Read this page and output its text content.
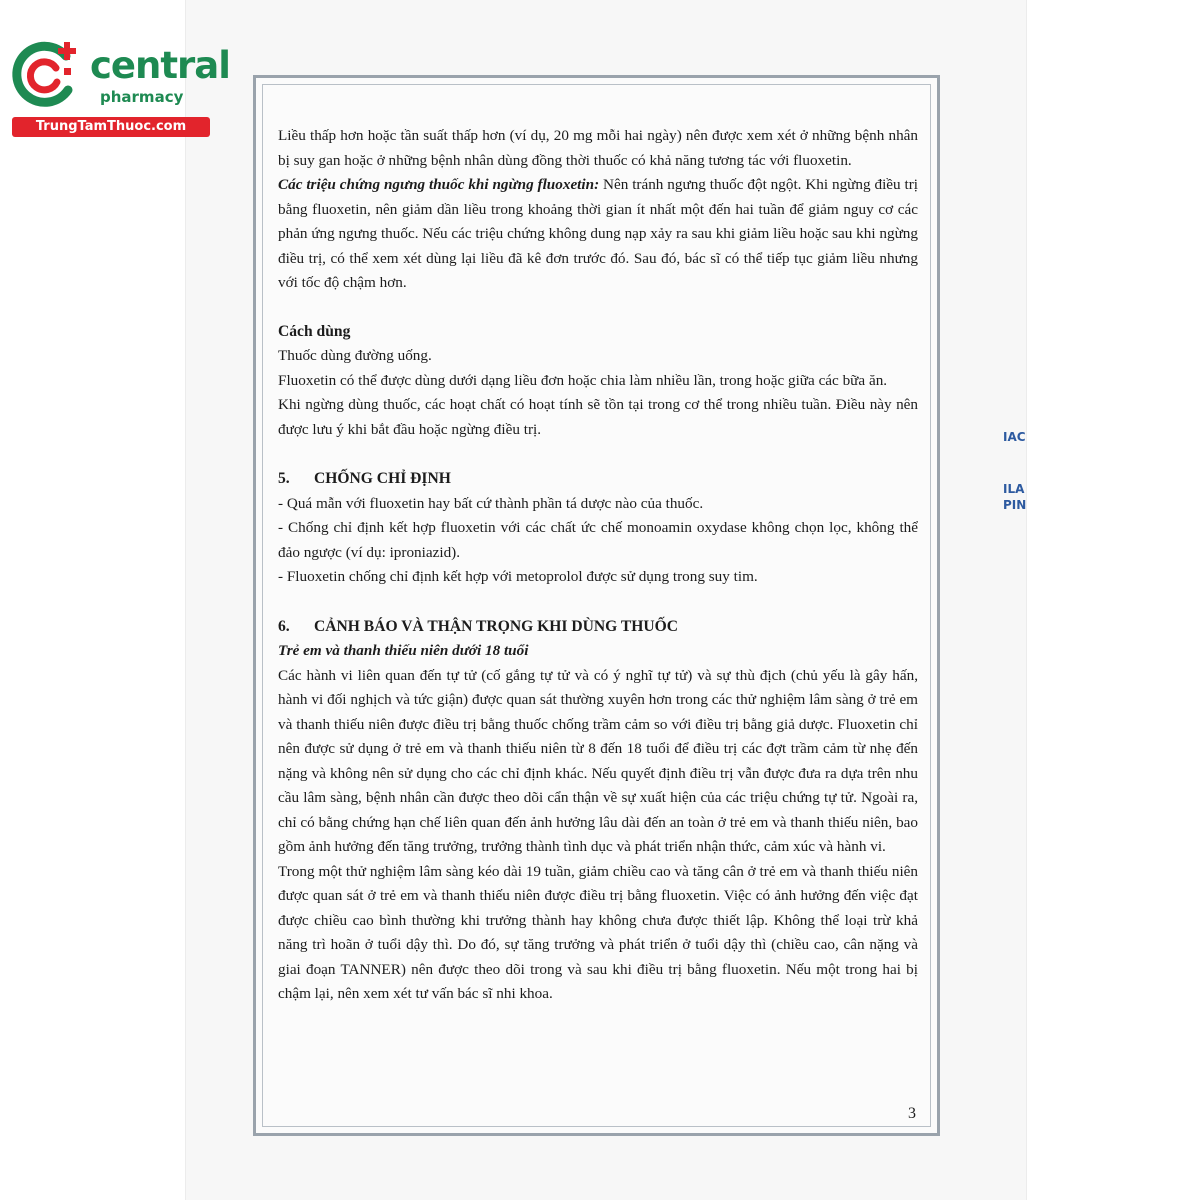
central
pharmacy
TrungTamThuoc.com

Liều thấp hơn hoặc tần suất thấp hơn (ví dụ, 20 mg mỗi hai ngày) nên được xem xét ở những bệnh nhân bị suy gan hoặc ở những bệnh nhân dùng đồng thời thuốc có khả năng tương tác với fluoxetin.

Các triệu chứng ngưng thuốc khi ngừng fluoxetin: Nên tránh ngưng thuốc đột ngột. Khi ngừng điều trị bằng fluoxetin, nên giảm dần liều trong khoảng thời gian ít nhất một đến hai tuần để giảm nguy cơ các phản ứng ngưng thuốc. Nếu các triệu chứng không dung nạp xảy ra sau khi giảm liều hoặc sau khi ngừng điều trị, có thể xem xét dùng lại liều đã kê đơn trước đó. Sau đó, bác sĩ có thể tiếp tục giảm liều nhưng với tốc độ chậm hơn.

Cách dùng

Thuốc dùng đường uống.

Fluoxetin có thể được dùng dưới dạng liều đơn hoặc chia làm nhiều lần, trong hoặc giữa các bữa ăn.

Khi ngừng dùng thuốc, các hoạt chất có hoạt tính sẽ tồn tại trong cơ thể trong nhiều tuần. Điều này nên được lưu ý khi bắt đầu hoặc ngừng điều trị.

5. CHỐNG CHỈ ĐỊNH

- Quá mẫn với fluoxetin hay bất cứ thành phần tá dược nào của thuốc.

- Chống chỉ định kết hợp fluoxetin với các chất ức chế monoamin oxydase không chọn lọc, không thể đảo ngược (ví dụ: iproniazid).

- Fluoxetin chống chỉ định kết hợp với metoprolol được sử dụng trong suy tim.

6. CẢNH BÁO VÀ THẬN TRỌNG KHI DÙNG THUỐC

Trẻ em và thanh thiếu niên dưới 18 tuổi

Các hành vi liên quan đến tự tử (cố gắng tự tử và có ý nghĩ tự tử) và sự thù địch (chủ yếu là gây hấn, hành vi đối nghịch và tức giận) được quan sát thường xuyên hơn trong các thử nghiệm lâm sàng ở trẻ em và thanh thiếu niên được điều trị bằng thuốc chống trầm cảm so với điều trị bằng giả dược. Fluoxetin chỉ nên được sử dụng ở trẻ em và thanh thiếu niên từ 8 đến 18 tuổi để điều trị các đợt trầm cảm từ nhẹ đến nặng và không nên sử dụng cho các chỉ định khác. Nếu quyết định điều trị vẫn được đưa ra dựa trên nhu cầu lâm sàng, bệnh nhân cần được theo dõi cẩn thận về sự xuất hiện của các triệu chứng tự tử. Ngoài ra, chỉ có bằng chứng hạn chế liên quan đến ảnh hưởng lâu dài đến an toàn ở trẻ em và thanh thiếu niên, bao gồm ảnh hưởng đến tăng trưởng, trưởng thành tình dục và phát triển nhận thức, cảm xúc và hành vi.

Trong một thử nghiệm lâm sàng kéo dài 19 tuần, giảm chiều cao và tăng cân ở trẻ em và thanh thiếu niên được quan sát ở trẻ em và thanh thiếu niên được điều trị bằng fluoxetin. Việc có ảnh hưởng đến việc đạt được chiều cao bình thường khi trưởng thành hay không chưa được thiết lập. Không thể loại trừ khả năng trì hoãn ở tuổi dậy thì. Do đó, sự tăng trưởng và phát triển ở tuổi dậy thì (chiều cao, cân nặng và giai đoạn TANNER) nên được theo dõi trong và sau khi điều trị bằng fluoxetin. Nếu một trong hai bị chậm lại, nên xem xét tư vấn bác sĩ nhi khoa.

3
IAC
ILA
PIN
